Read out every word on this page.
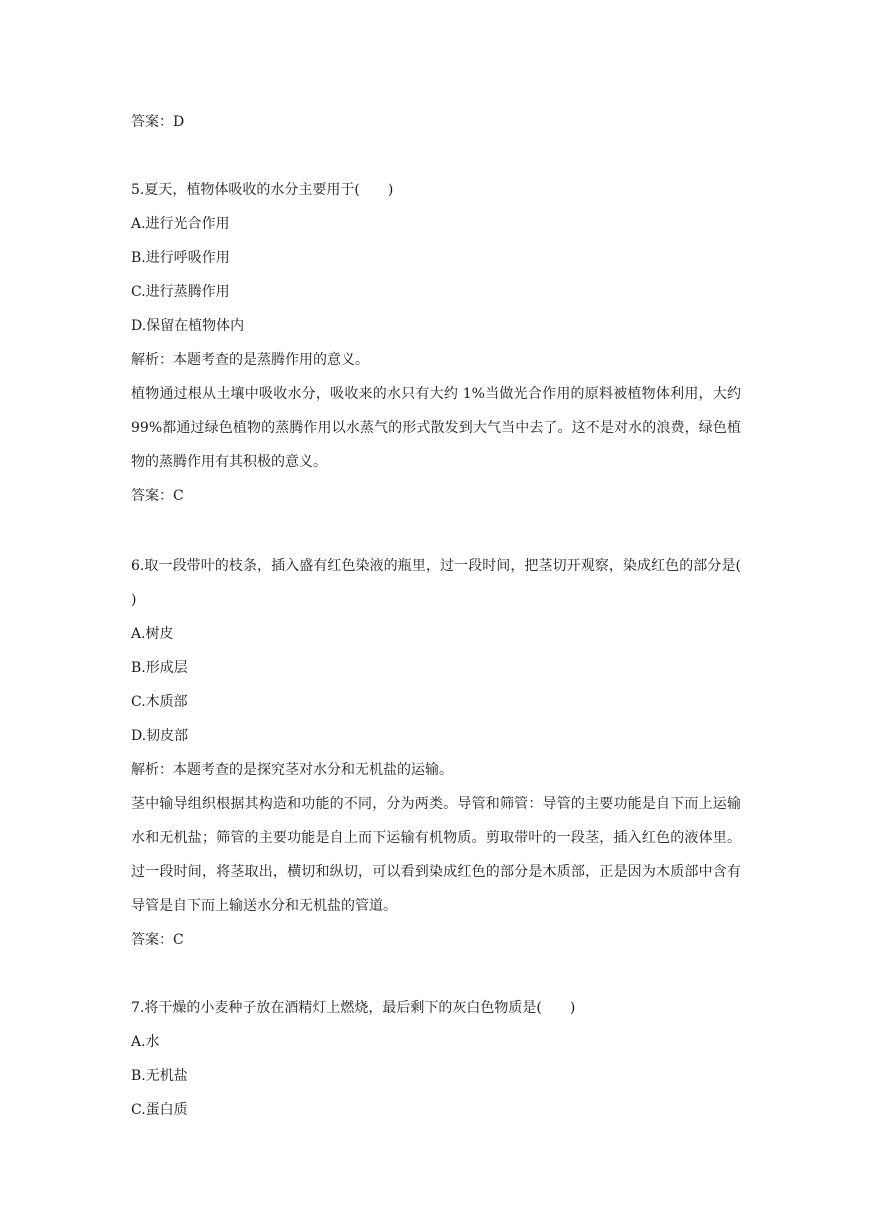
答案：D
5.夏天，植物体吸收的水分主要用于(　　)
A.进行光合作用
B.进行呼吸作用
C.进行蒸腾作用
D.保留在植物体内
解析：本题考查的是蒸腾作用的意义。
植物通过根从土壤中吸收水分，吸收来的水只有大约 1%当做光合作用的原料被植物体利用，大约 99%都通过绿色植物的蒸腾作用以水蒸气的形式散发到大气当中去了。这不是对水的浪费，绿色植物的蒸腾作用有其积极的意义。
答案：C
6.取一段带叶的枝条，插入盛有红色染液的瓶里，过一段时间，把茎切开观察，染成红色的部分是(　　)
A.树皮
B.形成层
C.木质部
D.韧皮部
解析：本题考查的是探究茎对水分和无机盐的运输。
茎中输导组织根据其构造和功能的不同，分为两类。导管和筛管：导管的主要功能是自下而上运输水和无机盐；筛管的主要功能是自上而下运输有机物质。剪取带叶的一段茎，插入红色的液体里。过一段时间，将茎取出，横切和纵切，可以看到染成红色的部分是木质部，正是因为木质部中含有导管是自下而上输送水分和无机盐的管道。
答案：C
7.将干燥的小麦种子放在酒精灯上燃烧，最后剩下的灰白色物质是(　　)
A.水
B.无机盐
C.蛋白质
